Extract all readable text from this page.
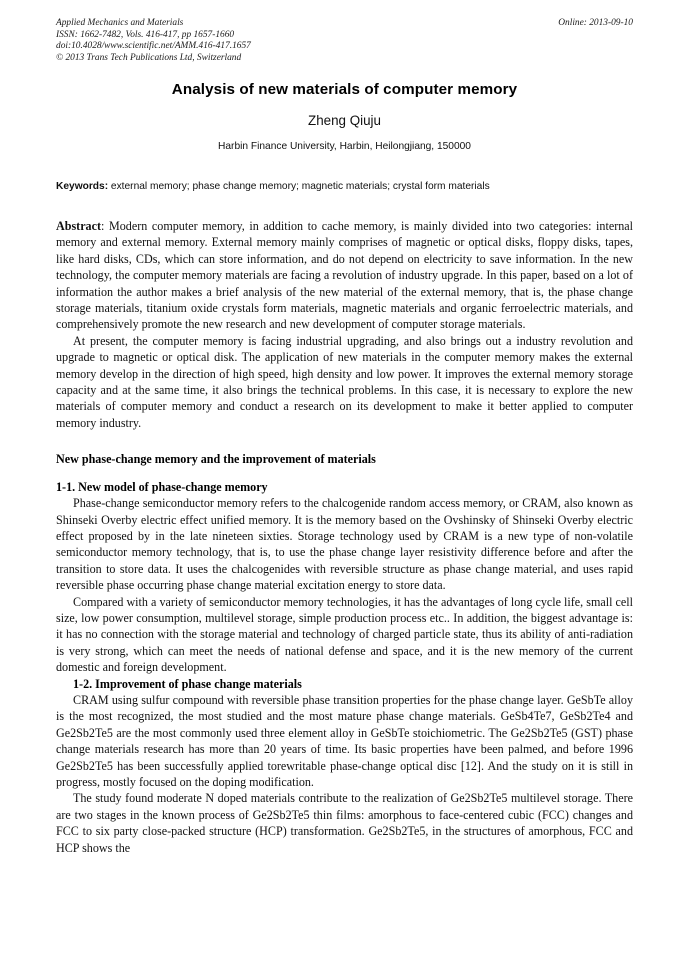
Applied Mechanics and Materials
ISSN: 1662-7482, Vols. 416-417, pp 1657-1660
doi:10.4028/www.scientific.net/AMM.416-417.1657
© 2013 Trans Tech Publications Ltd, Switzerland
Online: 2013-09-10
Analysis of new materials of computer memory
Zheng Qiuju
Harbin Finance University, Harbin, Heilongjiang, 150000
Keywords: external memory; phase change memory; magnetic materials; crystal form materials

Abstract: Modern computer memory, in addition to cache memory, is mainly divided into two categories: internal memory and external memory. External memory mainly comprises of magnetic or optical disks, floppy disks, tapes, like hard disks, CDs, which can store information, and do not depend on electricity to save information. In the new technology, the computer memory materials are facing a revolution of industry upgrade. In this paper, based on a lot of information the author makes a brief analysis of the new material of the external memory, that is, the phase change storage materials, titanium oxide crystals form materials, magnetic materials and organic ferroelectric materials, and comprehensively promote the new research and new development of computer storage materials.

At present, the computer memory is facing industrial upgrading, and also brings out a industry revolution and upgrade to magnetic or optical disk. The application of new materials in the computer memory makes the external memory develop in the direction of high speed, high density and low power. It improves the external memory storage capacity and at the same time, it also brings the technical problems. In this case, it is necessary to explore the new materials of computer memory and conduct a research on its development to make it better applied to computer memory industry.

New phase-change memory and the improvement of materials
1-1. New model of phase-change memory

Phase-change semiconductor memory refers to the chalcogenide random access memory, or CRAM, also known as Shinseki Overby electric effect unified memory. It is the memory based on the Ovshinsky of Shinseki Overby electric effect proposed by in the late nineteen sixties. Storage technology used by CRAM is a new type of non-volatile semiconductor memory technology, that is, to use the phase change layer resistivity difference before and after the transition to store data. It uses the chalcogenides with reversible structure as phase change material, and uses rapid reversible phase occurring phase change material excitation energy to store data.

Compared with a variety of semiconductor memory technologies, it has the advantages of long cycle life, small cell size, low power consumption, multilevel storage, simple production process etc.. In addition, the biggest advantage is: it has no connection with the storage material and technology of charged particle state, thus its ability of anti-radiation is very strong, which can meet the needs of national defense and space, and it is the new memory of the current domestic and foreign development.

1-2. Improvement of phase change materials

CRAM using sulfur compound with reversible phase transition properties for the phase change layer. GeSbTe alloy is the most recognized, the most studied and the most mature phase change materials. GeSb4Te7, GeSb2Te4 and Ge2Sb2Te5 are the most commonly used three element alloy in GeSbTe stoichiometric. The Ge2Sb2Te5 (GST) phase change materials research has more than 20 years of time. Its basic properties have been palmed, and before 1996 Ge2Sb2Te5 has been successfully applied torewritable phase-change optical disc [12]. And the study on it is still in progress, mostly focused on the doping modification.

The study found moderate N doped materials contribute to the realization of Ge2Sb2Te5 multilevel storage. There are two stages in the known process of Ge2Sb2Te5 thin films: amorphous to face-centered cubic (FCC) changes and FCC to six party close-packed structure (HCP) transformation. Ge2Sb2Te5, in the structures of amorphous, FCC and HCP shows the
